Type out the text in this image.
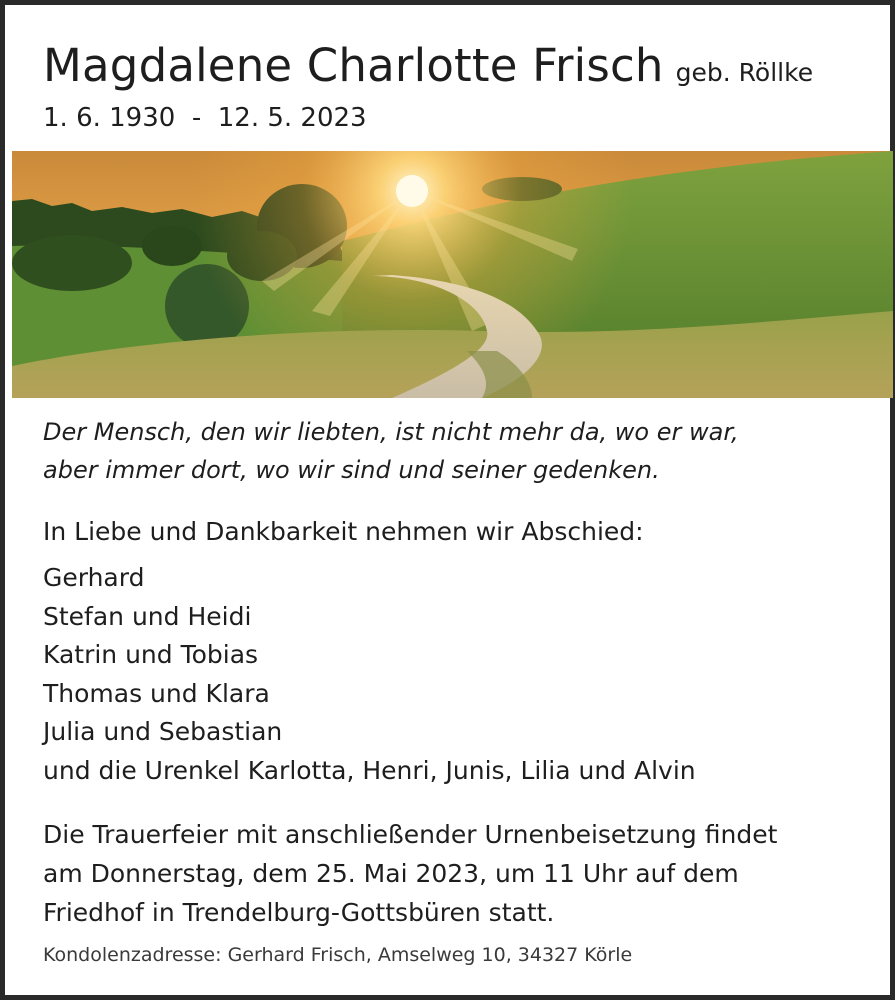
Magdalene Charlotte Frisch geb. Röllke
1. 6. 1930  -  12. 5. 2023
Der Mensch, den wir liebten, ist nicht mehr da, wo er war,
aber immer dort, wo wir sind und seiner gedenken.
In Liebe und Dankbarkeit nehmen wir Abschied:
Gerhard
Stefan und Heidi
Katrin und Tobias
Thomas und Klara
Julia und Sebastian
und die Urenkel Karlotta, Henri, Junis, Lilia und Alvin
Die Trauerfeier mit anschließender Urnenbeisetzung findet
am Donnerstag, dem 25. Mai 2023, um 11 Uhr auf dem
Friedhof in Trendelburg-Gottsbüren statt.
Kondolenzadresse: Gerhard Frisch, Amselweg 10, 34327 Körle
